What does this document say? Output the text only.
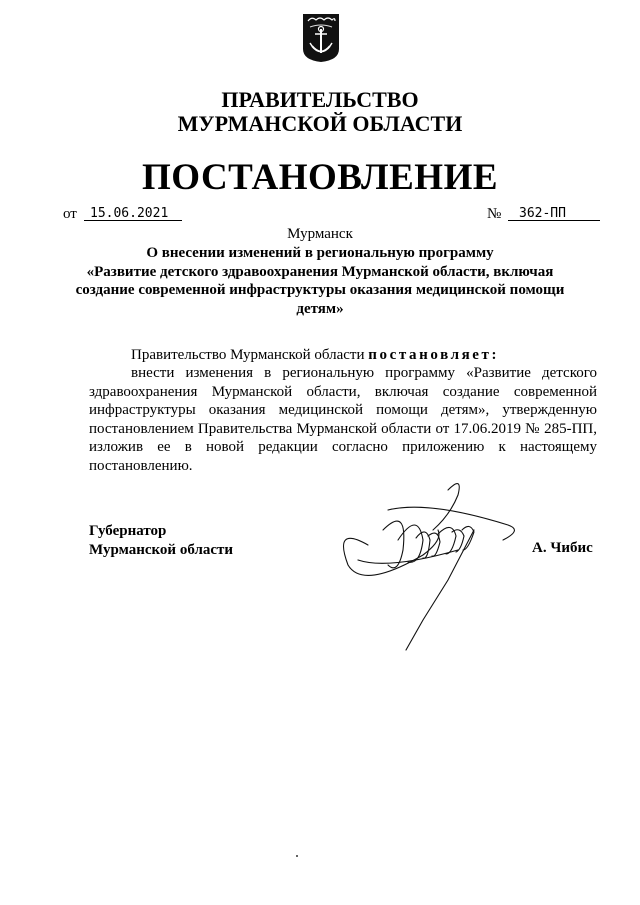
ПРАВИТЕЛЬСТВО
МУРМАНСКОЙ ОБЛАСТИ
ПОСТАНОВЛЕНИЕ
от 15.06.2021	№ 362-ПП
Мурманск
О внесении изменений в региональную программу
«Развитие детского здравоохранения Мурманской области, включая
создание современной инфраструктуры оказания медицинской помощи
детям»
Правительство Мурманской области постановляет:
внести изменения в региональную программу «Развитие детского здравоохранения Мурманской области, включая создание современной инфраструктуры оказания медицинской помощи детям», утвержденную постановлением Правительства Мурманской области от 17.06.2019 № 285-ПП, изложив ее в новой редакции согласно приложению к настоящему постановлению.
Губернатор
Мурманской области	А. Чибис
